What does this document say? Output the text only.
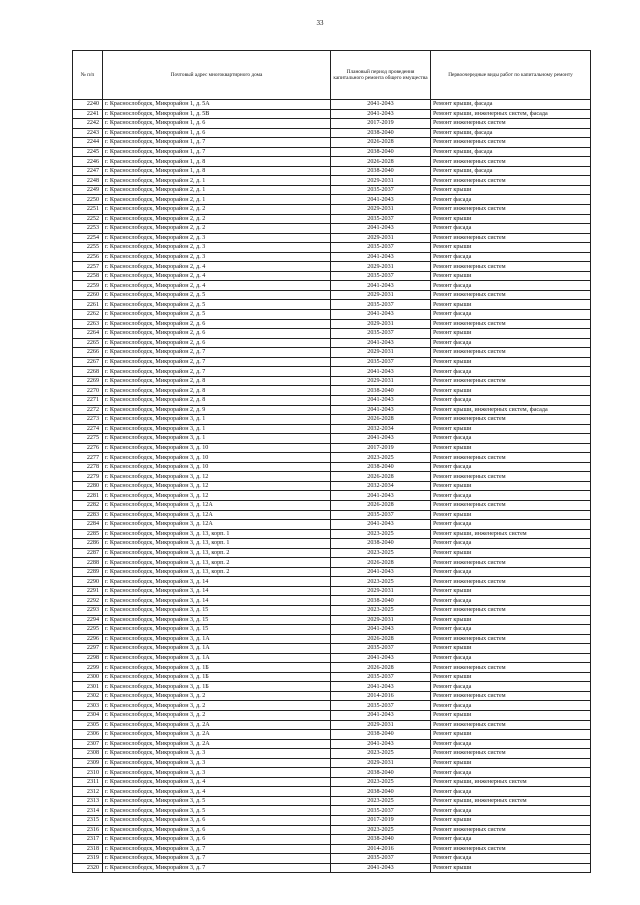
33
№ п/п	Почтовый адрес многоквартирного дома	Плановый период проведения капитального ремонта общего имущества	Первоочередные виды работ по капитальному ремонту
2240	г. Краснослободск, Микрорайон 1, д. 5А	2041-2043	Ремонт крыши, фасада
2241	г. Краснослободск, Микрорайон 1, д. 5В	2041-2043	Ремонт крыши, инженерных систем, фасада
2242	г. Краснослободск, Микрорайон 1, д. 6	2017-2019	Ремонт инженерных систем
2243	г. Краснослободск, Микрорайон 1, д. 6	2038-2040	Ремонт крыши, фасада
2244	г. Краснослободск, Микрорайон 1, д. 7	2026-2028	Ремонт инженерных систем
2245	г. Краснослободск, Микрорайон 1, д. 7	2038-2040	Ремонт крыши, фасада
2246	г. Краснослободск, Микрорайон 1, д. 8	2026-2028	Ремонт инженерных систем
2247	г. Краснослободск, Микрорайон 1, д. 8	2038-2040	Ремонт крыши, фасада
2248	г. Краснослободск, Микрорайон 2, д. 1	2029-2031	Ремонт инженерных систем
2249	г. Краснослободск, Микрорайон 2, д. 1	2035-2037	Ремонт крыши
2250	г. Краснослободск, Микрорайон 2, д. 1	2041-2043	Ремонт фасада
2251	г. Краснослободск, Микрорайон 2, д. 2	2029-2031	Ремонт инженерных систем
2252	г. Краснослободск, Микрорайон 2, д. 2	2035-2037	Ремонт крыши
2253	г. Краснослободск, Микрорайон 2, д. 2	2041-2043	Ремонт фасада
2254	г. Краснослободск, Микрорайон 2, д. 3	2029-2031	Ремонт инженерных систем
2255	г. Краснослободск, Микрорайон 2, д. 3	2035-2037	Ремонт крыши
2256	г. Краснослободск, Микрорайон 2, д. 3	2041-2043	Ремонт фасада
2257	г. Краснослободск, Микрорайон 2, д. 4	2029-2031	Ремонт инженерных систем
2258	г. Краснослободск, Микрорайон 2, д. 4	2035-2037	Ремонт крыши
2259	г. Краснослободск, Микрорайон 2, д. 4	2041-2043	Ремонт фасада
2260	г. Краснослободск, Микрорайон 2, д. 5	2029-2031	Ремонт инженерных систем
2261	г. Краснослободск, Микрорайон 2, д. 5	2035-2037	Ремонт крыши
2262	г. Краснослободск, Микрорайон 2, д. 5	2041-2043	Ремонт фасада
2263	г. Краснослободск, Микрорайон 2, д. 6	2029-2031	Ремонт инженерных систем
2264	г. Краснослободск, Микрорайон 2, д. 6	2035-2037	Ремонт крыши
2265	г. Краснослободск, Микрорайон 2, д. 6	2041-2043	Ремонт фасада
2266	г. Краснослободск, Микрорайон 2, д. 7	2029-2031	Ремонт инженерных систем
2267	г. Краснослободск, Микрорайон 2, д. 7	2035-2037	Ремонт крыши
2268	г. Краснослободск, Микрорайон 2, д. 7	2041-2043	Ремонт фасада
2269	г. Краснослободск, Микрорайон 2, д. 8	2029-2031	Ремонт инженерных систем
2270	г. Краснослободск, Микрорайон 2, д. 8	2038-2040	Ремонт крыши
2271	г. Краснослободск, Микрорайон 2, д. 8	2041-2043	Ремонт фасада
2272	г. Краснослободск, Микрорайон 2, д. 9	2041-2043	Ремонт крыши, инженерных систем, фасада
2273	г. Краснослободск, Микрорайон 3, д. 1	2026-2028	Ремонт инженерных систем
2274	г. Краснослободск, Микрорайон 3, д. 1	2032-2034	Ремонт крыши
2275	г. Краснослободск, Микрорайон 3, д. 1	2041-2043	Ремонт фасада
2276	г. Краснослободск, Микрорайон 3, д. 10	2017-2019	Ремонт крыши
2277	г. Краснослободск, Микрорайон 3, д. 10	2023-2025	Ремонт инженерных систем
2278	г. Краснослободск, Микрорайон 3, д. 10	2038-2040	Ремонт фасада
2279	г. Краснослободск, Микрорайон 3, д. 12	2026-2028	Ремонт инженерных систем
2280	г. Краснослободск, Микрорайон 3, д. 12	2032-2034	Ремонт крыши
2281	г. Краснослободск, Микрорайон 3, д. 12	2041-2043	Ремонт фасада
2282	г. Краснослободск, Микрорайон 3, д. 12А	2026-2028	Ремонт инженерных систем
2283	г. Краснослободск, Микрорайон 3, д. 12А	2035-2037	Ремонт крыши
2284	г. Краснослободск, Микрорайон 3, д. 12А	2041-2043	Ремонт фасада
2285	г. Краснослободск, Микрорайон 3, д. 13, корп. 1	2023-2025	Ремонт крыши, инженерных систем
2286	г. Краснослободск, Микрорайон 3, д. 13, корп. 1	2038-2040	Ремонт фасада
2287	г. Краснослободск, Микрорайон 3, д. 13, корп. 2	2023-2025	Ремонт крыши
2288	г. Краснослободск, Микрорайон 3, д. 13, корп. 2	2026-2028	Ремонт инженерных систем
2289	г. Краснослободск, Микрорайон 3, д. 13, корп. 2	2041-2043	Ремонт фасада
2290	г. Краснослободск, Микрорайон 3, д. 14	2023-2025	Ремонт инженерных систем
2291	г. Краснослободск, Микрорайон 3, д. 14	2029-2031	Ремонт крыши
2292	г. Краснослободск, Микрорайон 3, д. 14	2038-2040	Ремонт фасада
2293	г. Краснослободск, Микрорайон 3, д. 15	2023-2025	Ремонт инженерных систем
2294	г. Краснослободск, Микрорайон 3, д. 15	2029-2031	Ремонт крыши
2295	г. Краснослободск, Микрорайон 3, д. 15	2041-2043	Ремонт фасада
2296	г. Краснослободск, Микрорайон 3, д. 1А	2026-2028	Ремонт инженерных систем
2297	г. Краснослободск, Микрорайон 3, д. 1А	2035-2037	Ремонт крыши
2298	г. Краснослободск, Микрорайон 3, д. 1А	2041-2043	Ремонт фасада
2299	г. Краснослободск, Микрорайон 3, д. 1Б	2026-2028	Ремонт инженерных систем
2300	г. Краснослободск, Микрорайон 3, д. 1Б	2035-2037	Ремонт крыши
2301	г. Краснослободск, Микрорайон 3, д. 1Б	2041-2043	Ремонт фасада
2302	г. Краснослободск, Микрорайон 3, д. 2	2014-2016	Ремонт инженерных систем
2303	г. Краснослободск, Микрорайон 3, д. 2	2035-2037	Ремонт фасада
2304	г. Краснослободск, Микрорайон 3, д. 2	2041-2043	Ремонт крыши
2305	г. Краснослободск, Микрорайон 3, д. 2А	2029-2031	Ремонт инженерных систем
2306	г. Краснослободск, Микрорайон 3, д. 2А	2038-2040	Ремонт крыши
2307	г. Краснослободск, Микрорайон 3, д. 2А	2041-2043	Ремонт фасада
2308	г. Краснослободск, Микрорайон 3, д. 3	2023-2025	Ремонт инженерных систем
2309	г. Краснослободск, Микрорайон 3, д. 3	2029-2031	Ремонт крыши
2310	г. Краснослободск, Микрорайон 3, д. 3	2038-2040	Ремонт фасада
2311	г. Краснослободск, Микрорайон 3, д. 4	2023-2025	Ремонт крыши, инженерных систем
2312	г. Краснослободск, Микрорайон 3, д. 4	2038-2040	Ремонт фасада
2313	г. Краснослободск, Микрорайон 3, д. 5	2023-2025	Ремонт крыши, инженерных систем
2314	г. Краснослободск, Микрорайон 3, д. 5	2035-2037	Ремонт фасада
2315	г. Краснослободск, Микрорайон 3, д. 6	2017-2019	Ремонт крыши
2316	г. Краснослободск, Микрорайон 3, д. 6	2023-2025	Ремонт инженерных систем
2317	г. Краснослободск, Микрорайон 3, д. 6	2038-2040	Ремонт фасада
2318	г. Краснослободск, Микрорайон 3, д. 7	2014-2016	Ремонт инженерных систем
2319	г. Краснослободск, Микрорайон 3, д. 7	2035-2037	Ремонт фасада
2320	г. Краснослободск, Микрорайон 3, д. 7	2041-2043	Ремонт крыши
